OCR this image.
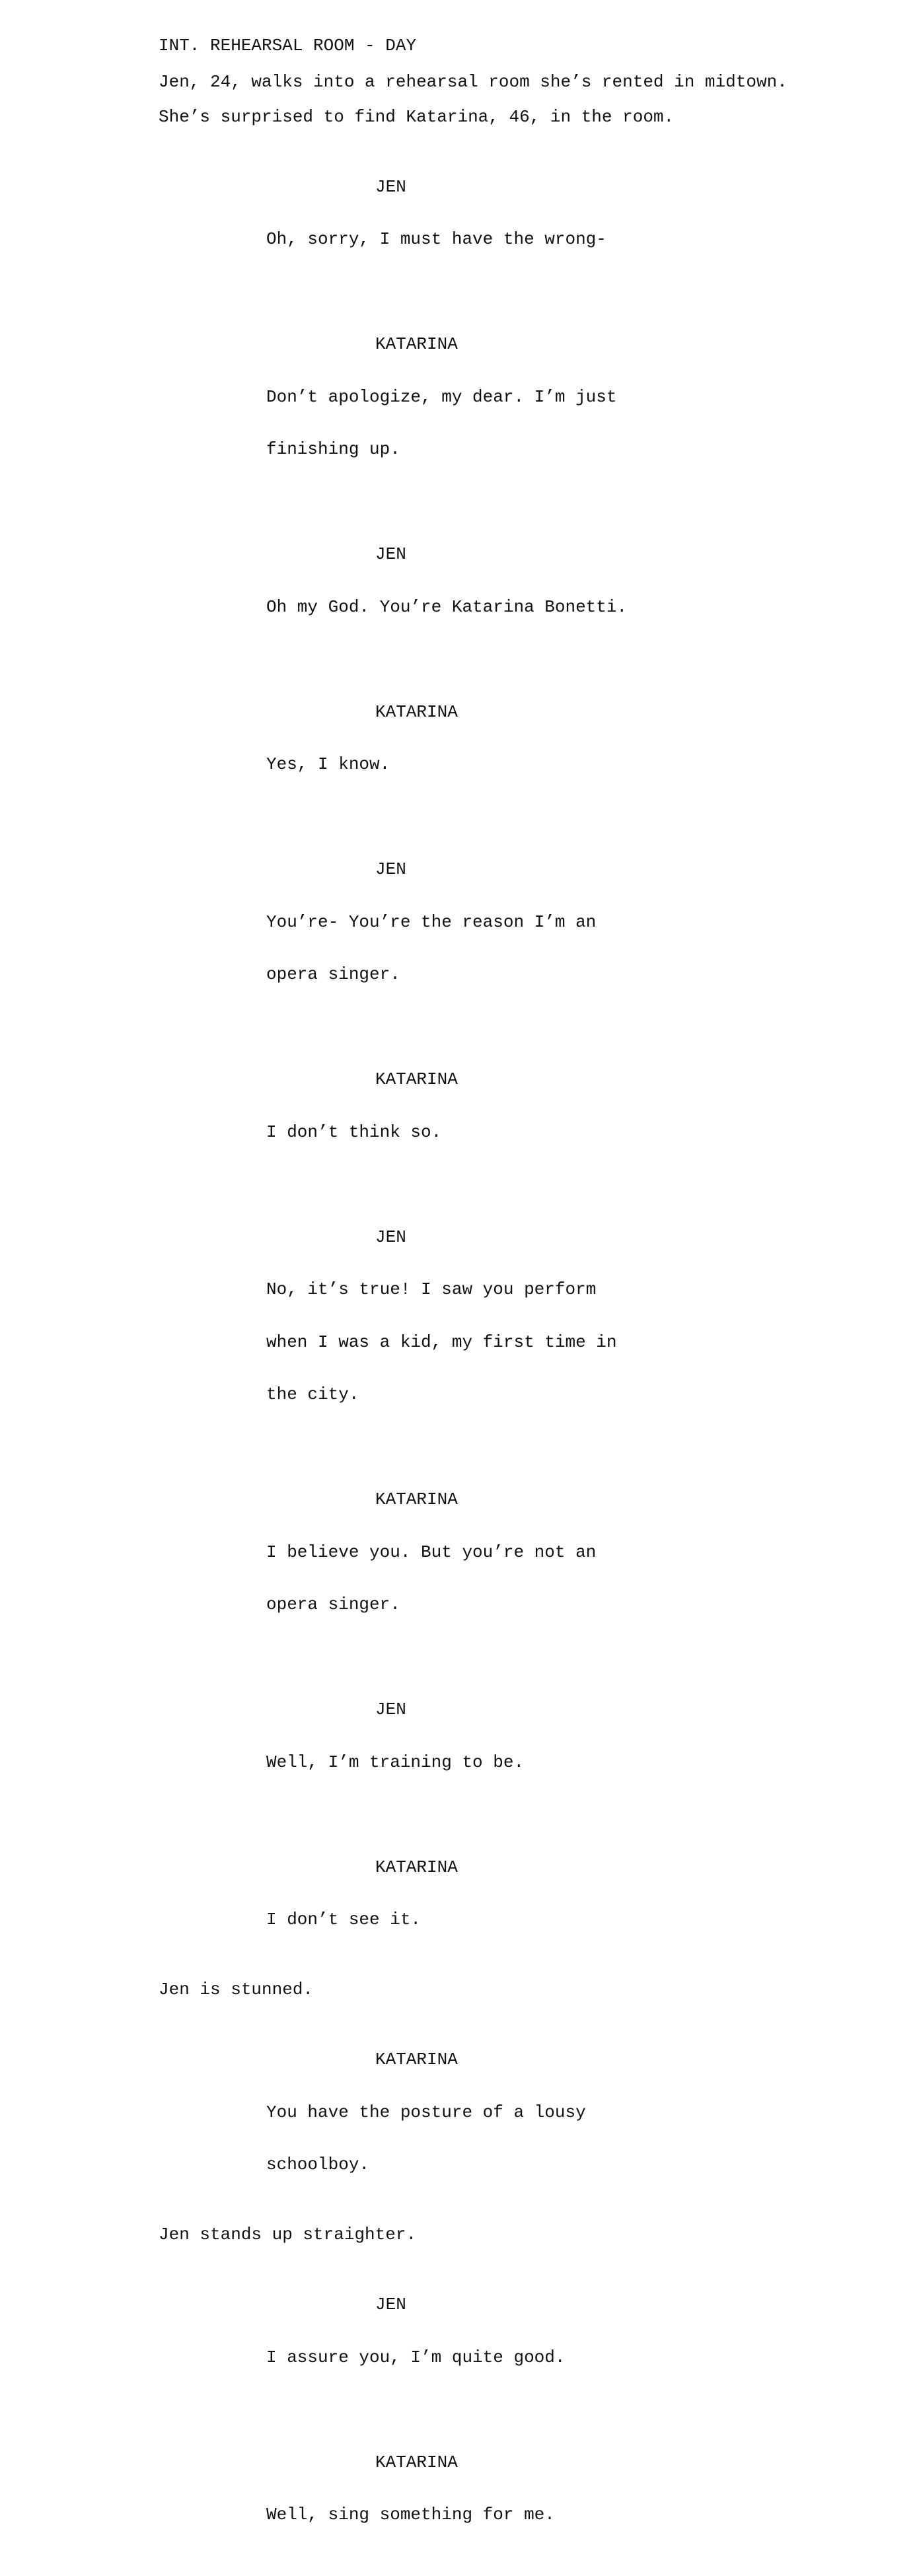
INT. REHEARSAL ROOM - DAY
Jen, 24, walks into a rehearsal room she’s rented in midtown.
She’s surprised to find Katarina, 46, in the room.

JEN

Oh, sorry, I must have the wrong-

KATARINA

Don’t apologize, my dear. I’m just

finishing up.

JEN

Oh my God. You’re Katarina Bonetti.

KATARINA

Yes, I know.

JEN

You’re- You’re the reason I’m an

opera singer.

KATARINA

I don’t think so.

JEN

No, it’s true! I saw you perform

when I was a kid, my first time in

the city.

KATARINA

I believe you. But you’re not an

opera singer.

JEN

Well, I’m training to be.

KATARINA

I don’t see it.

Jen is stunned.

KATARINA

You have the posture of a lousy

schoolboy.

Jen stands up straighter.

JEN

I assure you, I’m quite good.

KATARINA

Well, sing something for me.
